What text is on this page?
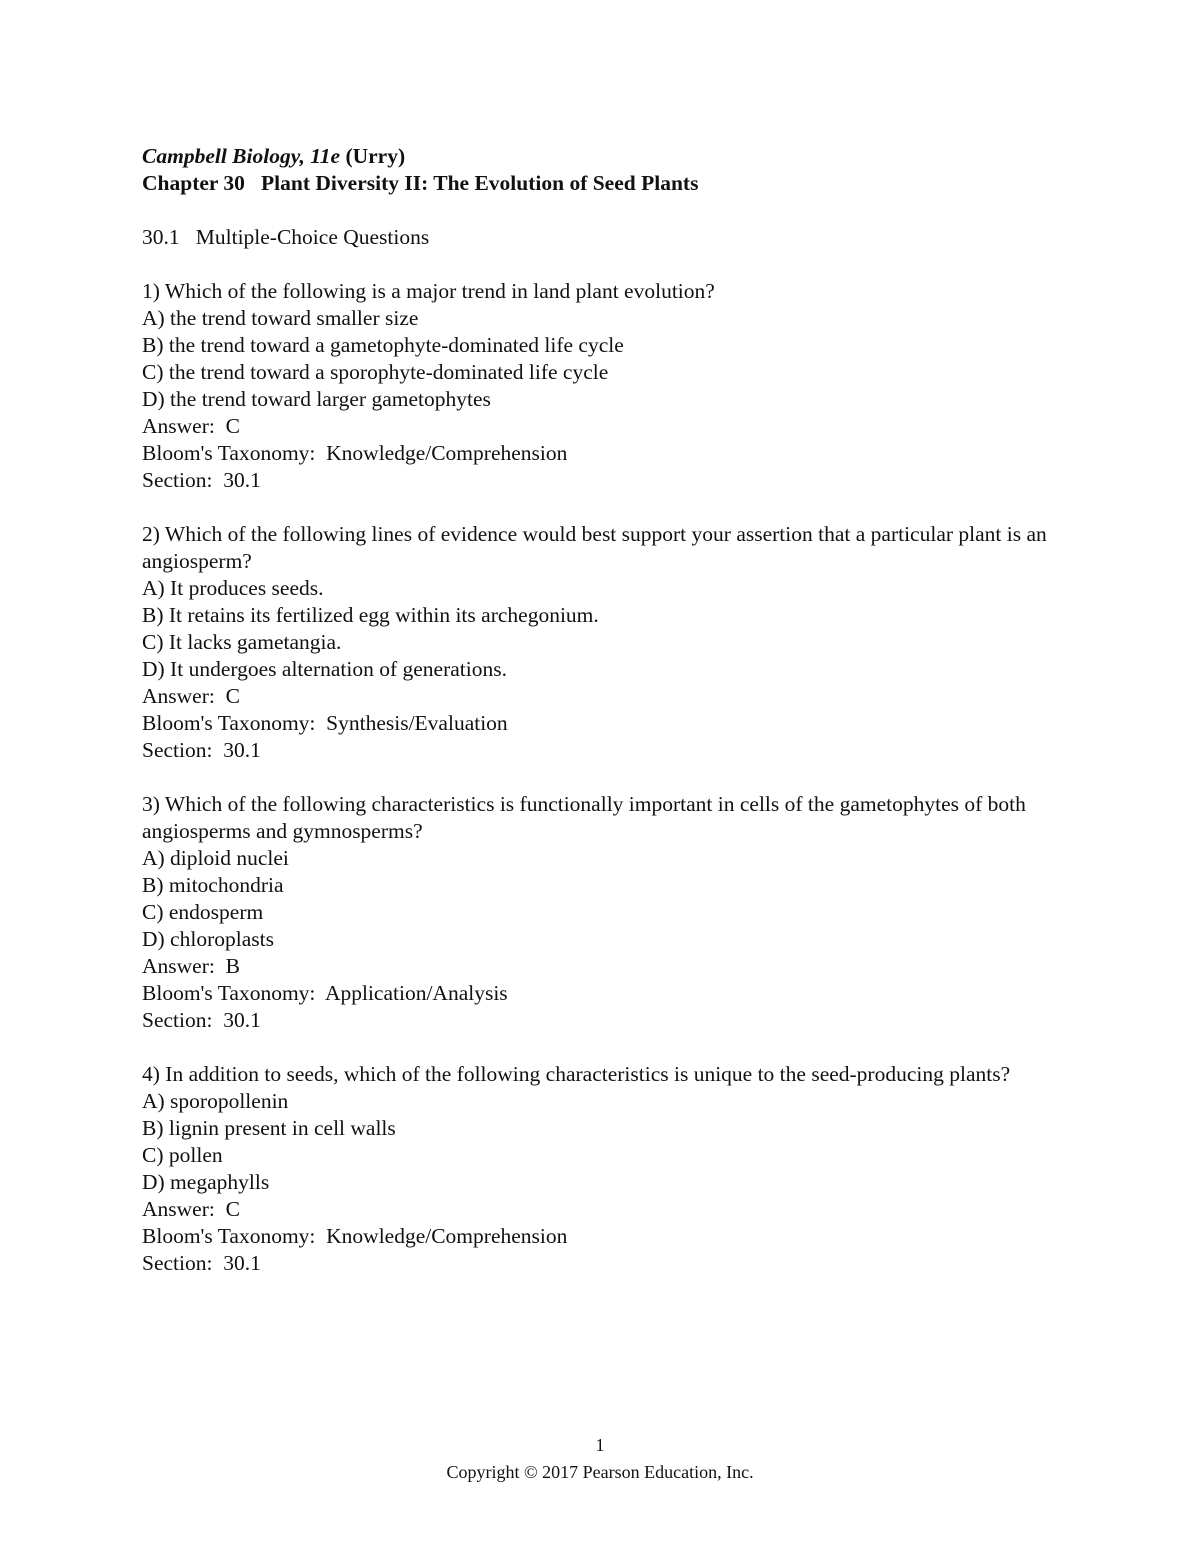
Campbell Biology, 11e (Urry)
Chapter 30   Plant Diversity II: The Evolution of Seed Plants
30.1   Multiple-Choice Questions
1) Which of the following is a major trend in land plant evolution?
A) the trend toward smaller size
B) the trend toward a gametophyte-dominated life cycle
C) the trend toward a sporophyte-dominated life cycle
D) the trend toward larger gametophytes
Answer:  C
Bloom's Taxonomy:  Knowledge/Comprehension
Section:  30.1
2) Which of the following lines of evidence would best support your assertion that a particular plant is an angiosperm?
A) It produces seeds.
B) It retains its fertilized egg within its archegonium.
C) It lacks gametangia.
D) It undergoes alternation of generations.
Answer:  C
Bloom's Taxonomy:  Synthesis/Evaluation
Section:  30.1
3) Which of the following characteristics is functionally important in cells of the gametophytes of both angiosperms and gymnosperms?
A) diploid nuclei
B) mitochondria
C) endosperm
D) chloroplasts
Answer:  B
Bloom's Taxonomy:  Application/Analysis
Section:  30.1
4) In addition to seeds, which of the following characteristics is unique to the seed-producing plants?
A) sporopollenin
B) lignin present in cell walls
C) pollen
D) megaphylls
Answer:  C
Bloom's Taxonomy:  Knowledge/Comprehension
Section:  30.1
1
Copyright © 2017 Pearson Education, Inc.
